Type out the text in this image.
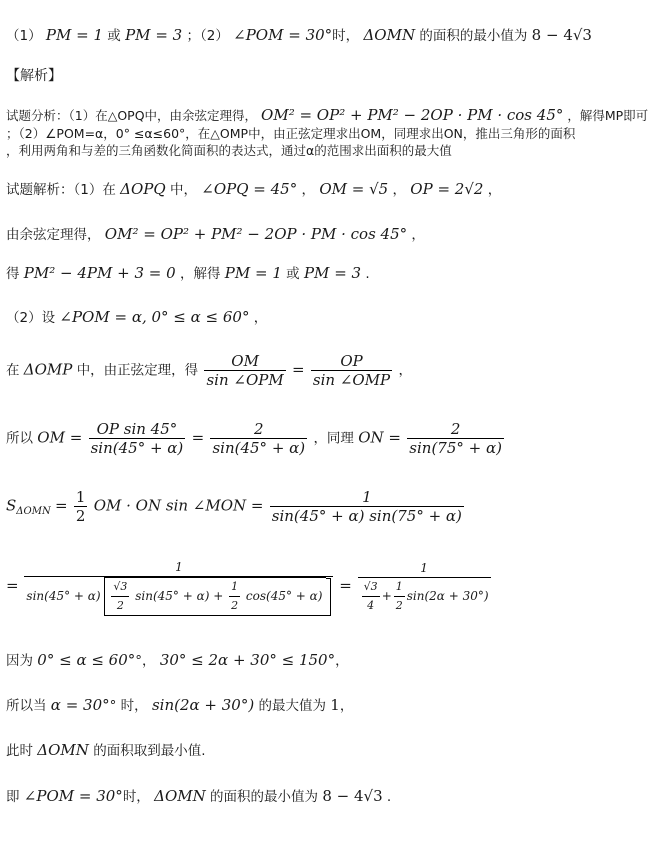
（1） PM = 1 或 PM = 3 ；（2） ∠POM = 30°时， ΔOMN 的面积的最小值为 8 − 4√3
【解析】
试题分析：（1）在△OPQ中，由余弦定理得， OM² = OP² + PM² − 2OP · PM · cos 45° ，解得MP即可
；（2）∠POM=α，0° ≤α≤60°，在△OMP中，由正弦定理求出OM，同理求出ON，推出三角形的面积
，利用两角和与差的三角函数化简面积的表达式，通过α的范围求出面积的最大值
试题解析：（1）在 ΔOPQ 中， ∠OPQ = 45° ， OM = √5 ， OP = 2√2 ，
由余弦定理得， OM² = OP² + PM² − 2OP · PM · cos 45° ，
得 PM² − 4PM + 3 = 0 ，解得 PM = 1 或 PM = 3 .
（2）设 ∠POM = α, 0° ≤ α ≤ 60° ，
在 ΔOMP 中，由正弦定理，得 $\frac{OM}{\text{sin ∠OPM}} = \frac{OP}{\text{sin ∠OMP}}$ ，
所以 OM = $\frac{\text{OP sin 45°}}{\sin(45^\circ + \alpha)} = \frac{2}{\sin(45^\circ + \alpha)}$ ，同理 ON = $\frac{2}{\sin(75^\circ + \alpha)}$
$S_{\Delta OMN} = \frac{1}{2}$ OM · ON sin ∠MON = $\frac{1}{\sin(45^\circ + \alpha) \sin(75^\circ + \alpha)}$
=
1
$\sin(45^\circ + \alpha) \frac{√3}{2} \sin(45^\circ + \alpha) + \frac{1}{2} \cos(45^\circ + \alpha)$
= $\frac{1}{\frac{√3}{4} + \frac{1}{2} \sin(2\alpha + 30^\circ)}$
因为 0° ≤ α ≤ 60°°， 30° ≤ 2α + 30° ≤ 150°，
所以当 α = 30°° 时， sin(2α + 30°) 的最大值为 1，
此时 ΔOMN 的面积取到最小值.
即 ∠POM = 30°时， ΔOMN 的面积的最小值为 8 − 4√3 .
